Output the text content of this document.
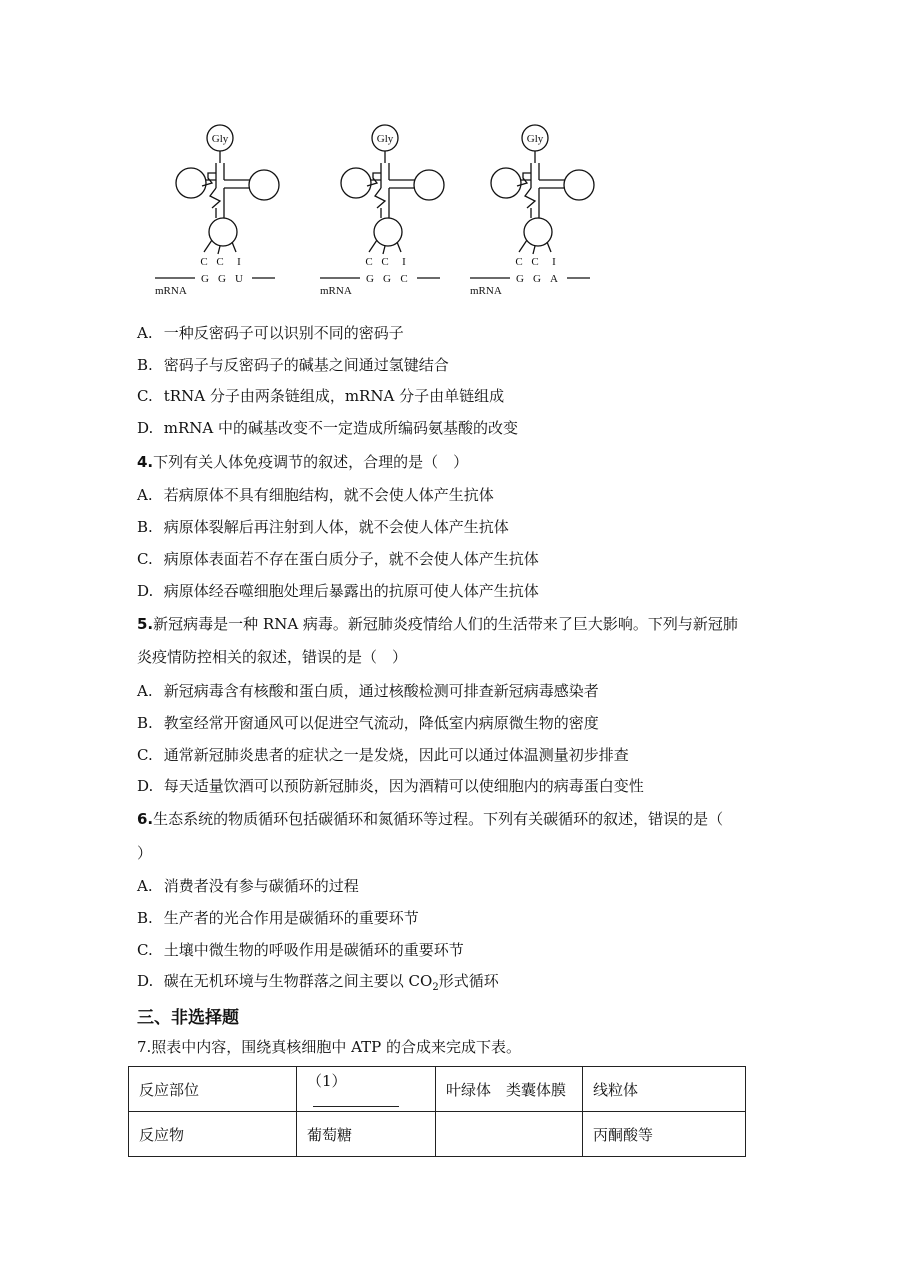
Gly
C C I
G G U
mRNA
Gly
C C I
G G C
mRNA
Gly
C C I
G G A
mRNA
A. 一种反密码子可以识别不同的密码子
B. 密码子与反密码子的碱基之间通过氢键结合
C. tRNA 分子由两条链组成，mRNA 分子由单链组成
D. mRNA 中的碱基改变不一定造成所编码氨基酸的改变
4.下列有关人体免疫调节的叙述，合理的是（　）
A. 若病原体不具有细胞结构，就不会使人体产生抗体
B. 病原体裂解后再注射到人体，就不会使人体产生抗体
C. 病原体表面若不存在蛋白质分子，就不会使人体产生抗体
D. 病原体经吞噬细胞处理后暴露出的抗原可使人体产生抗体
5.新冠病毒是一种 RNA 病毒。新冠肺炎疫情给人们的生活带来了巨大影响。下列与新冠肺
炎疫情防控相关的叙述，错误的是（　）
A. 新冠病毒含有核酸和蛋白质，通过核酸检测可排查新冠病毒感染者
B. 教室经常开窗通风可以促进空气流动，降低室内病原微生物的密度
C. 通常新冠肺炎患者的症状之一是发烧，因此可以通过体温测量初步排查
D. 每天适量饮酒可以预防新冠肺炎，因为酒精可以使细胞内的病毒蛋白变性
6.生态系统的物质循环包括碳循环和氮循环等过程。下列有关碳循环的叙述，错误的是（
）
A. 消费者没有参与碳循环的过程
B. 生产者的光合作用是碳循环的重要环节
C. 土壤中微生物的呼吸作用是碳循环的重要环节
D. 碳在无机环境与生物群落之间主要以 $CO_2$形式循环
三、非选择题
7.照表中内容，围绕真核细胞中 ATP 的合成来完成下表。
反应部位	（1）	叶绿体　类囊体膜	线粒体
反应物	葡萄糖		丙酮酸等
